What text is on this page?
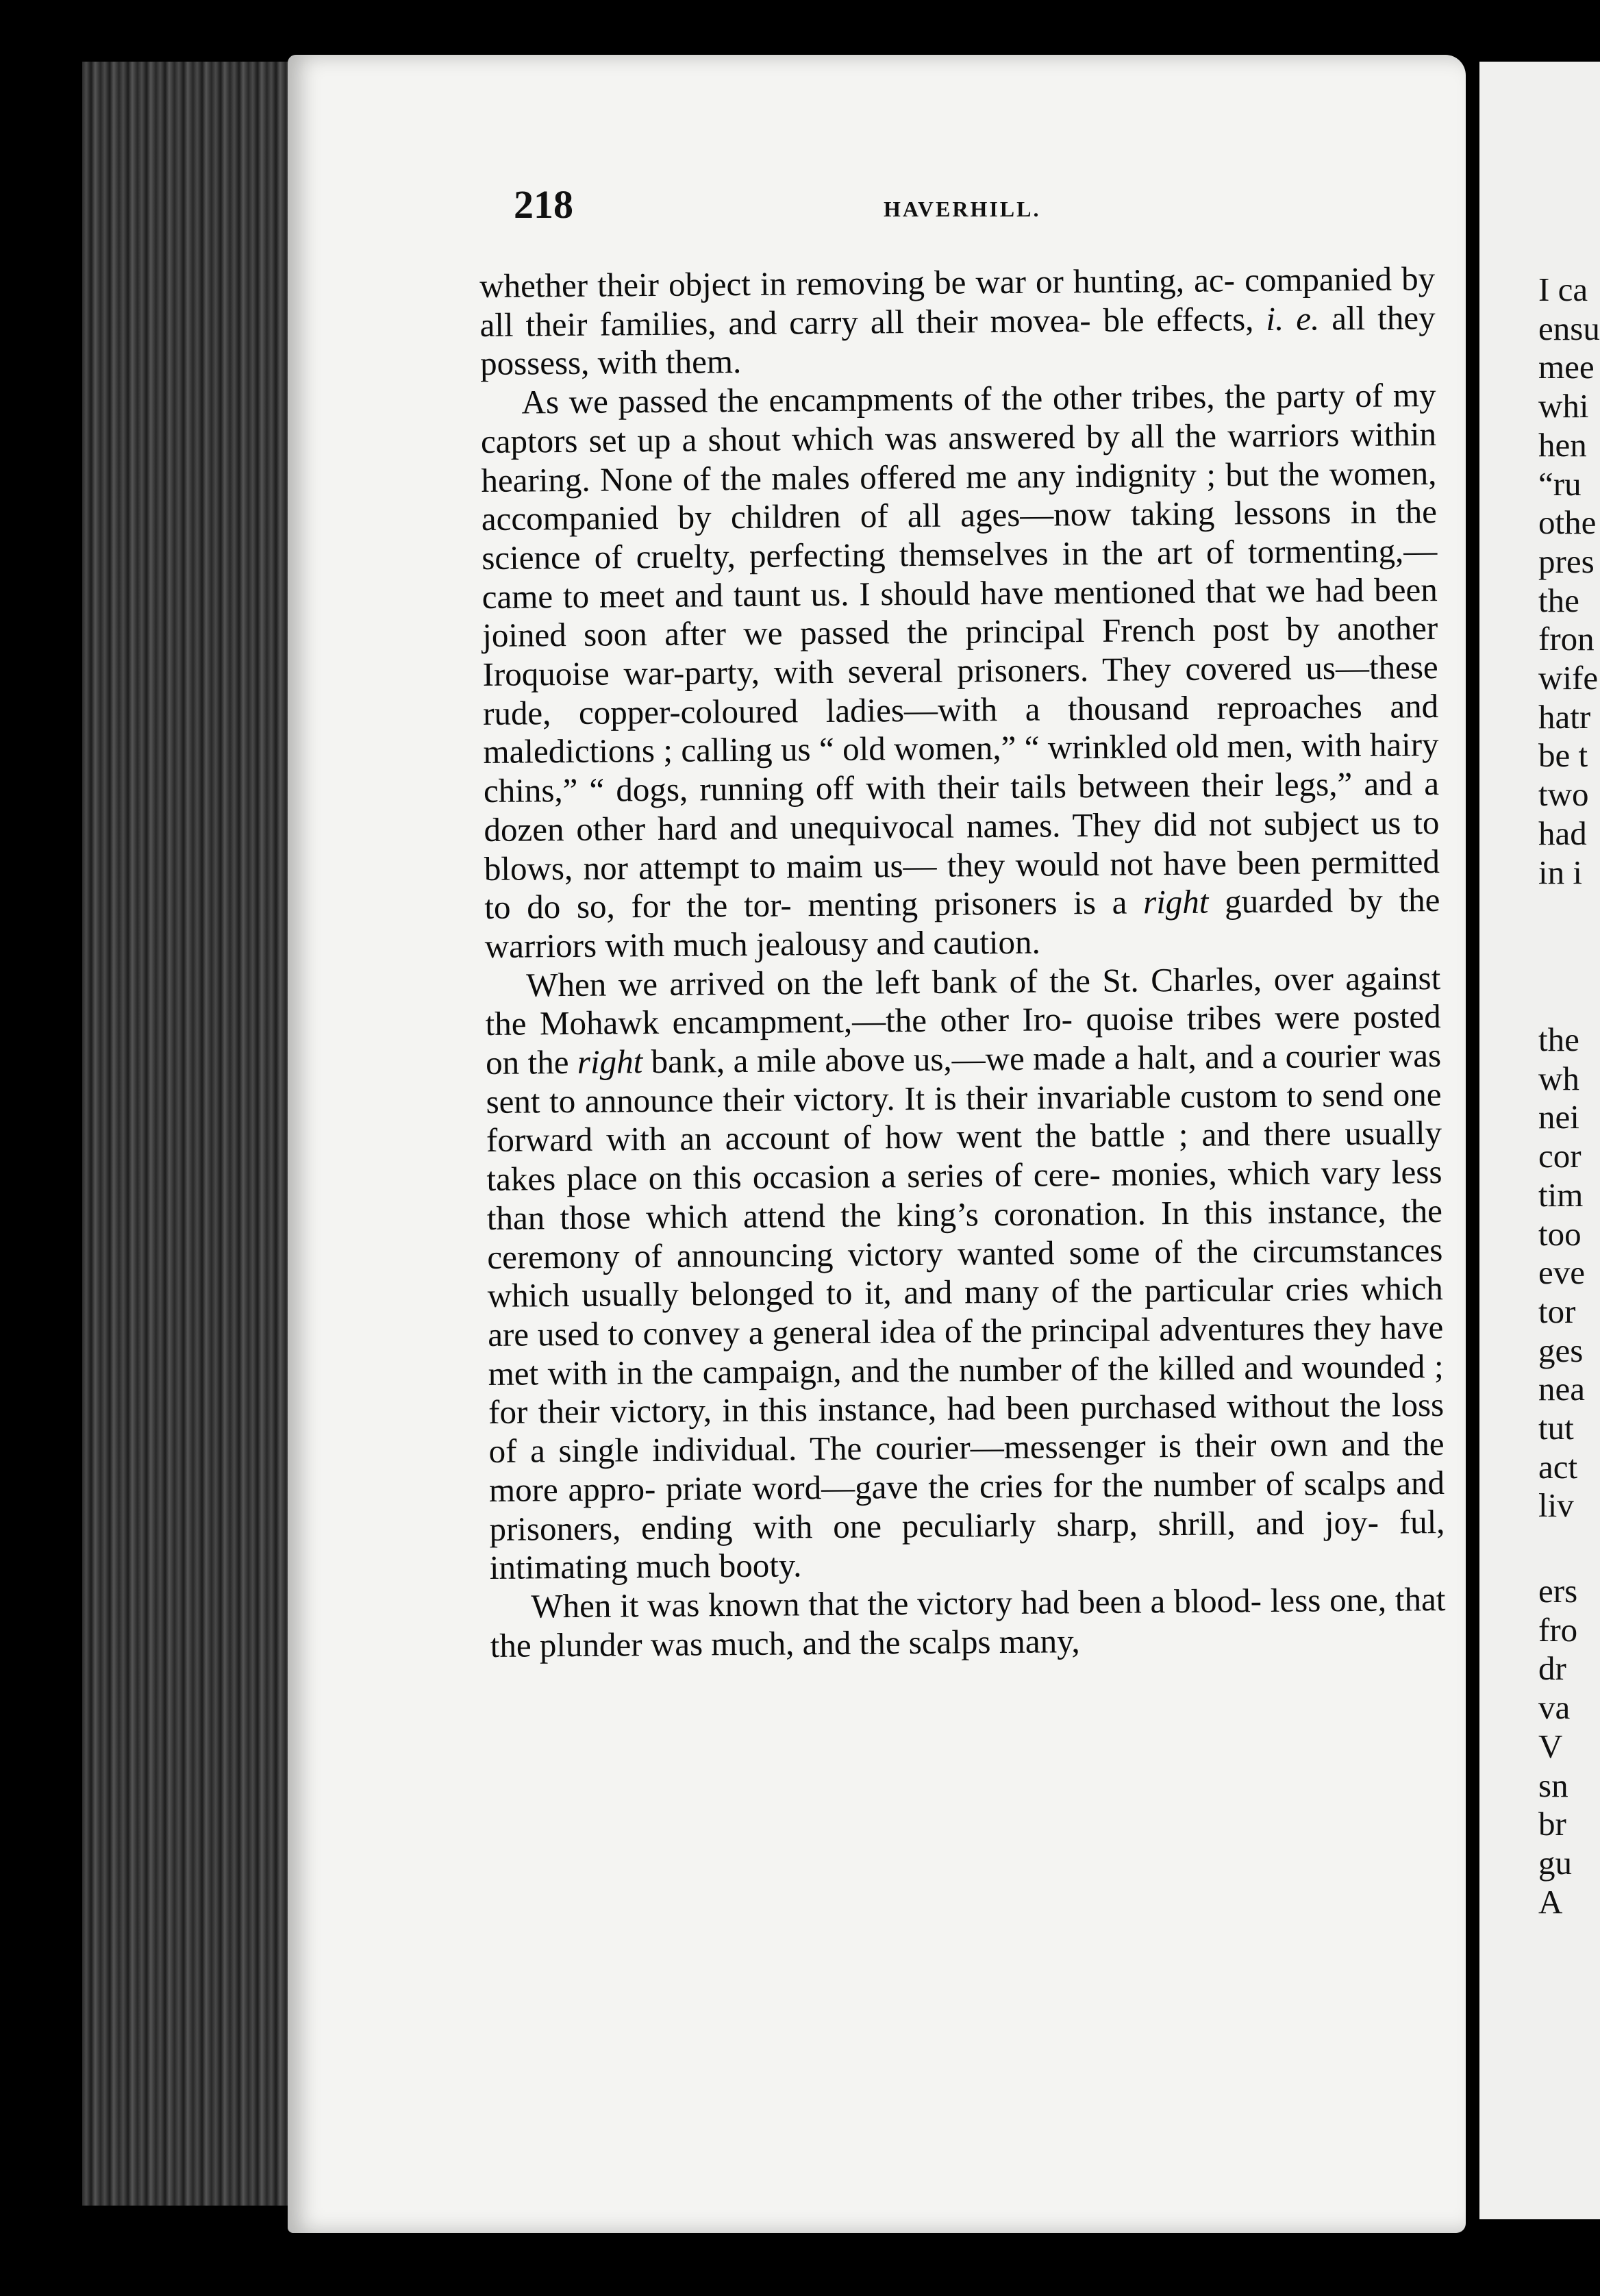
218	HAVERHILL.

whether their object in removing be war or hunting, ac- companied by all their families, and carry all their movea- ble effects, i. e. all they possess, with them.

As we passed the encampments of the other tribes, the party of my captors set up a shout which was answered by all the warriors within hearing. None of the males offered me any indignity ; but the women, accompanied by children of all ages—now taking lessons in the science of cruelty, perfecting themselves in the art of tormenting,— came to meet and taunt us. I should have mentioned that we had been joined soon after we passed the principal French post by another Iroquoise war-party, with several prisoners. They covered us—these rude, copper-coloured ladies—with a thousand reproaches and maledictions ; calling us “ old women,” “ wrinkled old men, with hairy chins,” “ dogs, running off with their tails between their legs,” and a dozen other hard and unequivocal names. They did not subject us to blows, nor attempt to maim us— they would not have been permitted to do so, for the tor- menting prisoners is a right guarded by the warriors with much jealousy and caution.

When we arrived on the left bank of the St. Charles, over against the Mohawk encampment,—the other Iro- quoise tribes were posted on the right bank, a mile above us,—we made a halt, and a courier was sent to announce their victory. It is their invariable custom to send one forward with an account of how went the battle ; and there usually takes place on this occasion a series of cere- monies, which vary less than those which attend the king’s coronation. In this instance, the ceremony of announcing victory wanted some of the circumstances which usually belonged to it, and many of the particular cries which are used to convey a general idea of the principal adventures they have met with in the campaign, and the number of the killed and wounded ; for their victory, in this instance, had been purchased without the loss of a single individual. The courier—messenger is their own and the more appro- priate word—gave the cries for the number of scalps and prisoners, ending with one peculiarly sharp, shrill, and joy- ful, intimating much booty.

When it was known that the victory had been a blood- less one, that the plunder was much, and the scalps many,

I ca
ensu
mee
whi
hen
“ru
othe
pres
the
fron
wife
hatr
be t
two
had
in i
the
wh
nei
cor
tim
too
eve
tor
ges
nea
tut
act
liv
ers
fro
dr
va
V
sn
br
gu
A
